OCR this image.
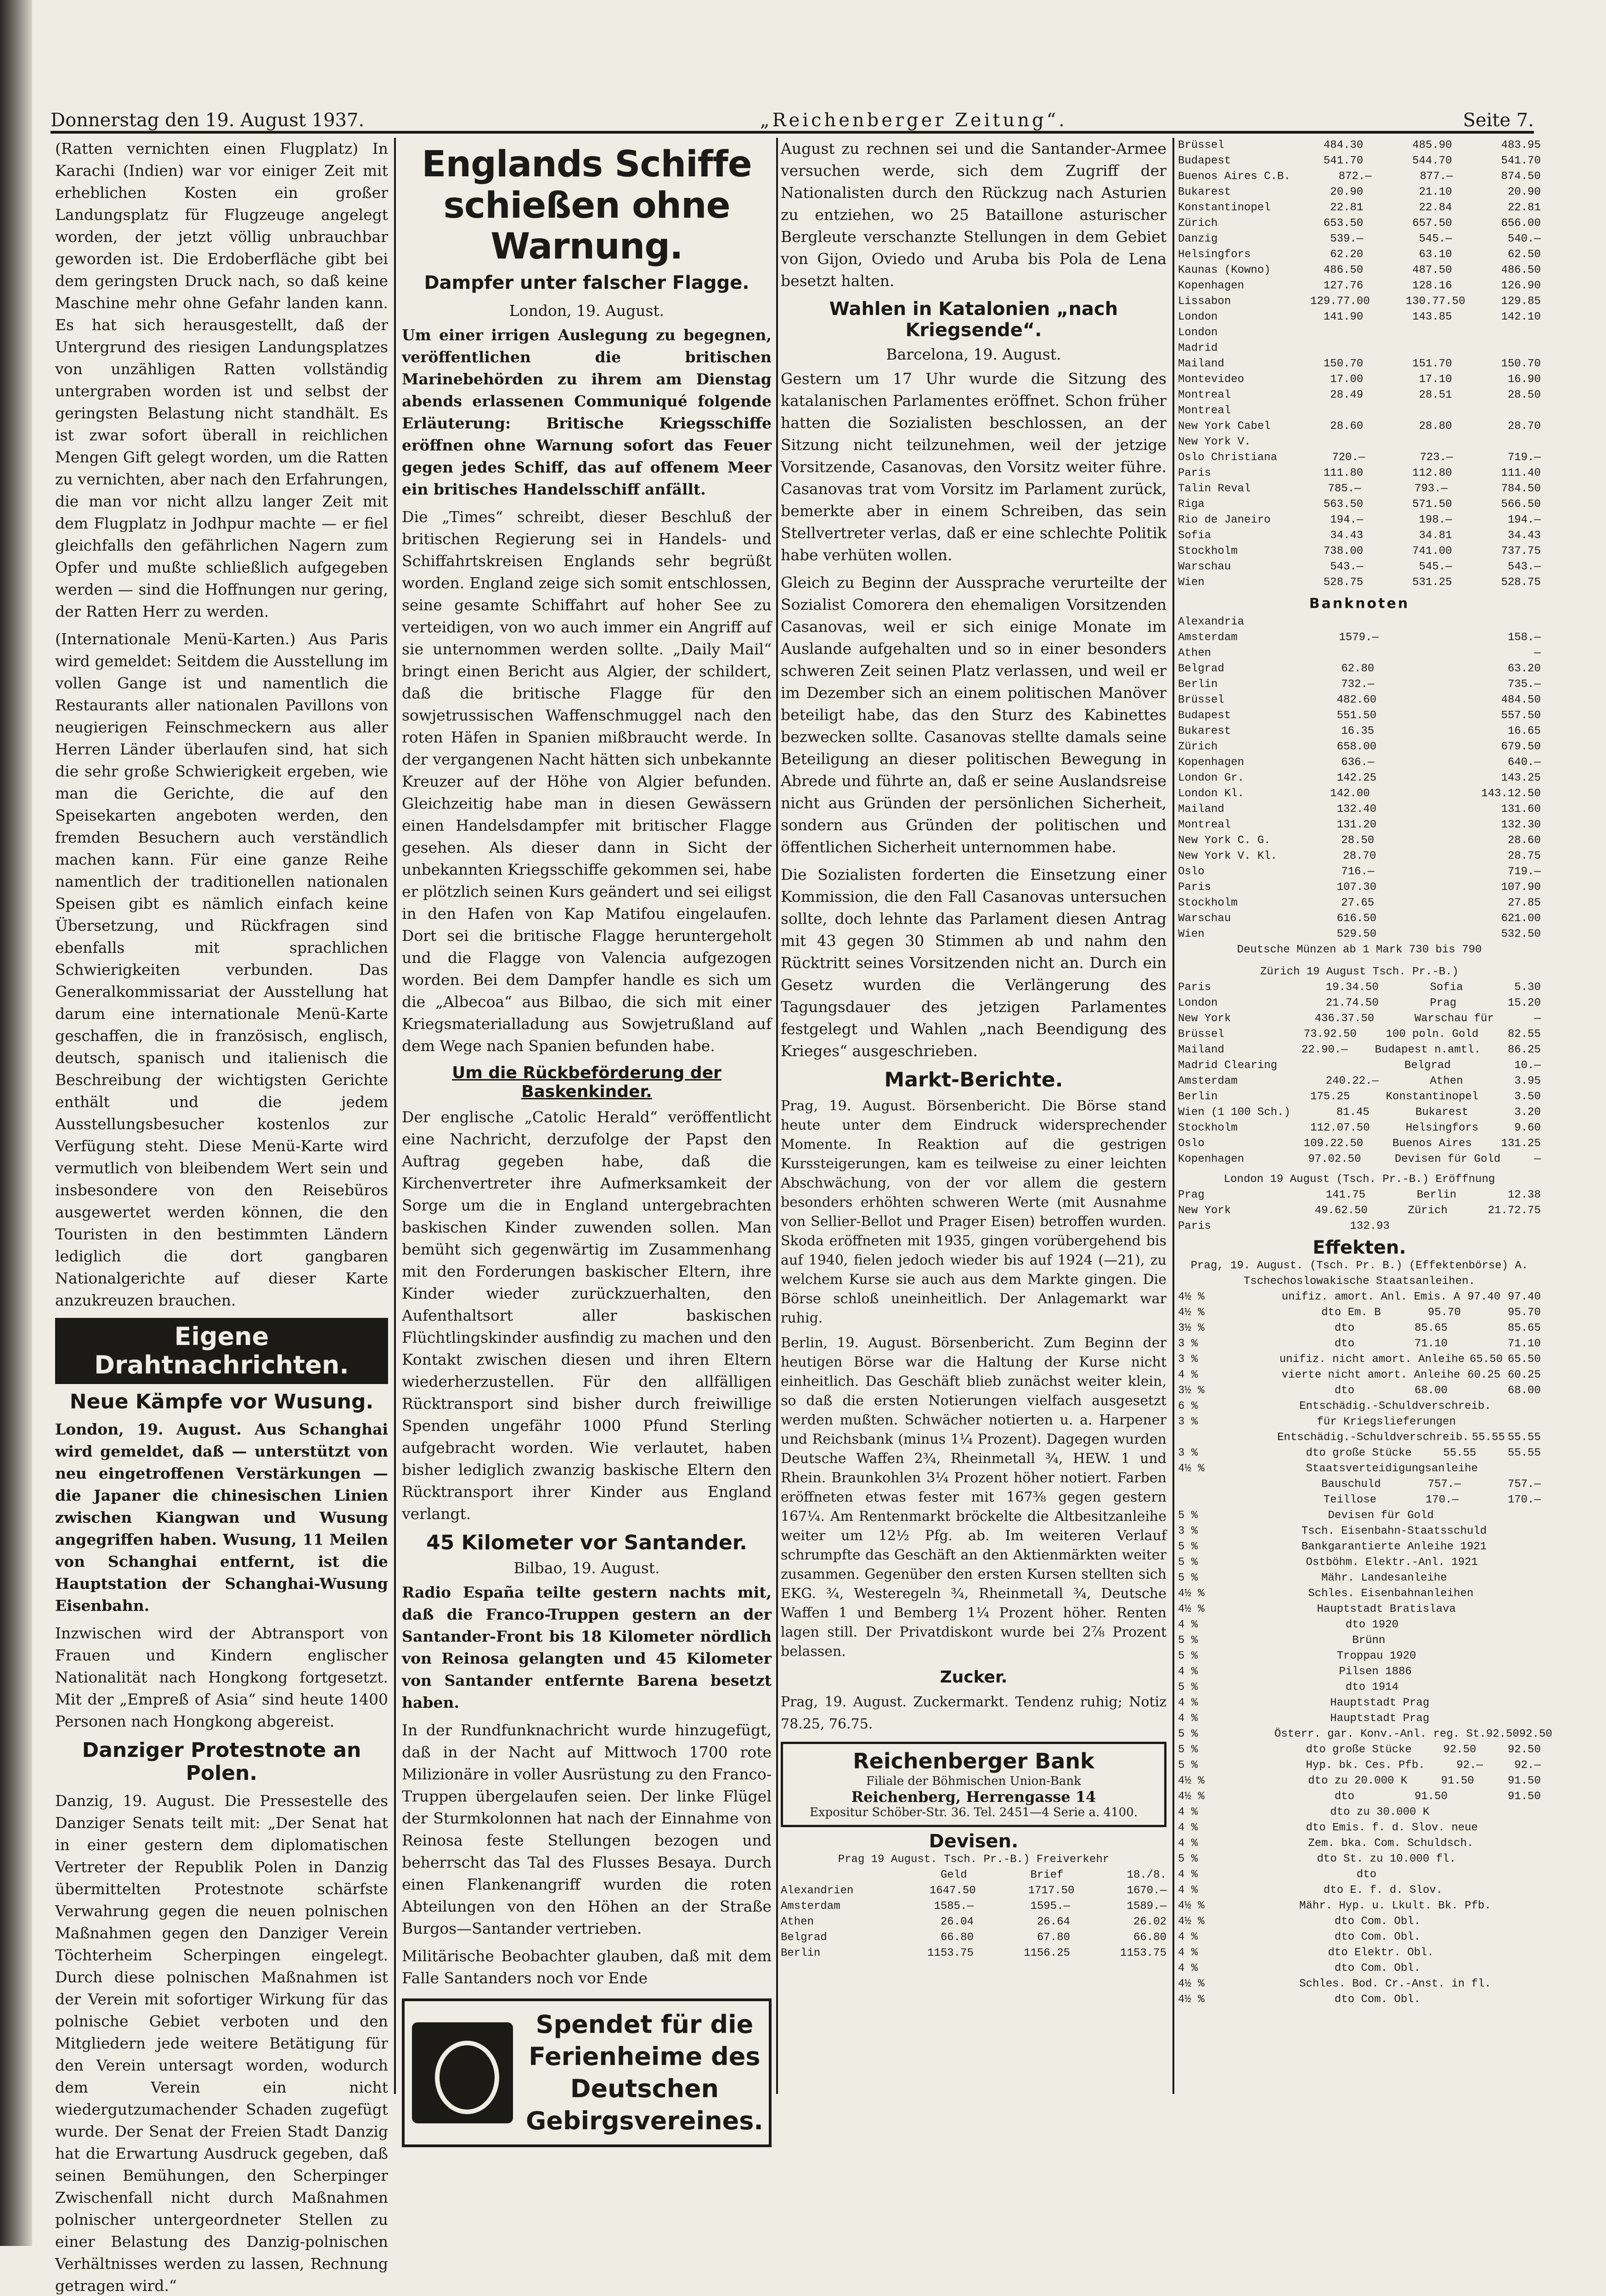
Donnerstag den 19. August 1937.	„Reichenberger Zeitung“.	Seite 7.

(Ratten vernichten einen Flugplatz) In Karachi (Indien) war vor einiger Zeit mit erheblichen Kosten ein großer Landungsplatz für Flugzeuge angelegt worden, der jetzt völlig unbrauchbar geworden ist. Die Erdoberfläche gibt bei dem geringsten Druck nach, so daß keine Maschine mehr ohne Gefahr landen kann. Es hat sich herausgestellt, daß der Untergrund des riesigen Landungsplatzes von unzähligen Ratten vollständig untergraben worden ist und selbst der geringsten Belastung nicht standhält. Es ist zwar sofort überall in reichlichen Mengen Gift gelegt worden, um die Ratten zu vernichten, aber nach den Erfahrungen, die man vor nicht allzu langer Zeit mit dem Flugplatz in Jodhpur machte — er fiel gleichfalls den gefährlichen Nagern zum Opfer und mußte schließlich aufgegeben werden — sind die Hoffnungen nur gering, der Ratten Herr zu werden.

(Internationale Menü-Karten.) Aus Paris wird gemeldet: Seitdem die Ausstellung im vollen Gange ist und namentlich die Restaurants aller nationalen Pavillons von neugierigen Feinschmeckern aus aller Herren Länder überlaufen sind, hat sich die sehr große Schwierigkeit ergeben, wie man die Gerichte, die auf den Speisekarten angeboten werden, den fremden Besuchern auch verständlich machen kann. Für eine ganze Reihe namentlich der traditionellen nationalen Speisen gibt es nämlich einfach keine Übersetzung, und Rückfragen sind ebenfalls mit sprachlichen Schwierigkeiten verbunden. Das Generalkommissariat der Ausstellung hat darum eine internationale Menü-Karte geschaffen, die in französisch, englisch, deutsch, spanisch und italienisch die Beschreibung der wichtigsten Gerichte enthält und die jedem Ausstellungsbesucher kostenlos zur Verfügung steht. Diese Menü-Karte wird vermutlich von bleibendem Wert sein und insbesondere von den Reisebüros ausgewertet werden können, die den Touristen in den bestimmten Ländern lediglich die dort gangbaren Nationalgerichte auf dieser Karte anzukreuzen brauchen.

Eigene Drahtnachrichten.
Neue Kämpfe vor Wusung.

London, 19. August. Aus Schanghai wird gemeldet, daß — unterstützt von neu eingetroffenen Verstärkungen — die Japaner die chinesischen Linien zwischen Kiangwan und Wusung angegriffen haben. Wusung, 11 Meilen von Schanghai entfernt, ist die Hauptstation der Schanghai-Wusung Eisenbahn.

Inzwischen wird der Abtransport von Frauen und Kindern englischer Nationalität nach Hongkong fortgesetzt. Mit der „Empreß of Asia“ sind heute 1400 Personen nach Hongkong abgereist.

Danziger Protestnote an Polen.

Danzig, 19. August. Die Pressestelle des Danziger Senats teilt mit: „Der Senat hat in einer gestern dem diplomatischen Vertreter der Republik Polen in Danzig übermittelten Protestnote schärfste Verwahrung gegen die neuen polnischen Maßnahmen gegen den Danziger Verein Töchterheim Scherpingen eingelegt. Durch diese polnischen Maßnahmen ist der Verein mit sofortiger Wirkung für das polnische Gebiet verboten und den Mitgliedern jede weitere Betätigung für den Verein untersagt worden, wodurch dem Verein ein nicht wiedergutzumachender Schaden zugefügt wurde. Der Senat der Freien Stadt Danzig hat die Erwartung Ausdruck gegeben, daß seinen Bemühungen, den Scherpinger Zwischenfall nicht durch Maßnahmen polnischer untergeordneter Stellen zu einer Belastung des Danzig-polnischen Verhältnisses werden zu lassen, Rechnung getragen wird.“

Englands Schiffe schießen ohne Warnung.
Dampfer unter falscher Flagge.
London, 19. August.

Um einer irrigen Auslegung zu begegnen, veröffentlichen die britischen Marinebehörden zu ihrem am Dienstag abends erlassenen Communiqué folgende Erläuterung: Britische Kriegsschiffe eröffnen ohne Warnung sofort das Feuer gegen jedes Schiff, das auf offenem Meer ein britisches Handelsschiff anfällt.

Die „Times“ schreibt, dieser Beschluß der britischen Regierung sei in Handels- und Schiffahrtskreisen Englands sehr begrüßt worden. England zeige sich somit entschlossen, seine gesamte Schiffahrt auf hoher See zu verteidigen, von wo auch immer ein Angriff auf sie unternommen werden sollte. „Daily Mail“ bringt einen Bericht aus Algier, der schildert, daß die britische Flagge für den sowjetrussischen Waffenschmuggel nach den roten Häfen in Spanien mißbraucht werde. In der vergangenen Nacht hätten sich unbekannte Kreuzer auf der Höhe von Algier befunden. Gleichzeitig habe man in diesen Gewässern einen Handelsdampfer mit britischer Flagge gesehen. Als dieser dann in Sicht der unbekannten Kriegsschiffe gekommen sei, habe er plötzlich seinen Kurs geändert und sei eiligst in den Hafen von Kap Matifou eingelaufen. Dort sei die britische Flagge heruntergeholt und die Flagge von Valencia aufgezogen worden. Bei dem Dampfer handle es sich um die „Albecoa“ aus Bilbao, die sich mit einer Kriegsmaterialladung aus Sowjetrußland auf dem Wege nach Spanien befunden habe.

Um die Rückbeförderung der Baskenkinder.

Der englische „Catolic Herald“ veröffentlicht eine Nachricht, derzufolge der Papst den Auftrag gegeben habe, daß die Kirchenvertreter ihre Aufmerksamkeit der Sorge um die in England untergebrachten baskischen Kinder zuwenden sollen. Man bemüht sich gegenwärtig im Zusammenhang mit den Forderungen baskischer Eltern, ihre Kinder wieder zurückzuerhalten, den Aufenthaltsort aller baskischen Flüchtlingskinder ausfindig zu machen und den Kontakt zwischen diesen und ihren Eltern wiederherzustellen. Für den allfälligen Rücktransport sind bisher durch freiwillige Spenden ungefähr 1000 Pfund Sterling aufgebracht worden. Wie verlautet, haben bisher lediglich zwanzig baskische Eltern den Rücktransport ihrer Kinder aus England verlangt.

45 Kilometer vor Santander.
Bilbao, 19. August.

Radio España teilte gestern nachts mit, daß die Franco-Truppen gestern an der Santander-Front bis 18 Kilometer nördlich von Reinosa gelangten und 45 Kilometer von Santander entfernte Barena besetzt haben.

In der Rundfunknachricht wurde hinzugefügt, daß in der Nacht auf Mittwoch 1700 rote Milizionäre in voller Ausrüstung zu den Franco-Truppen übergelaufen seien. Der linke Flügel der Sturmkolonnen hat nach der Einnahme von Reinosa feste Stellungen bezogen und beherrscht das Tal des Flusses Besaya. Durch einen Flankenangriff wurden die roten Abteilungen von den Höhen an der Straße Burgos—Santander vertrieben.

Militärische Beobachter glauben, daß mit dem Falle Santanders noch vor Ende

Spendet für die Ferienheime des Deutschen Gebirgsvereines.

August zu rechnen sei und die Santander-Armee versuchen werde, sich dem Zugriff der Nationalisten durch den Rückzug nach Asturien zu entziehen, wo 25 Bataillone asturischer Bergleute verschanzte Stellungen in dem Gebiet von Gijon, Oviedo und Aruba bis Pola de Lena besetzt halten.

Wahlen in Katalonien „nach Kriegsende“.
Barcelona, 19. August.

Gestern um 17 Uhr wurde die Sitzung des katalanischen Parlamentes eröffnet. Schon früher hatten die Sozialisten beschlossen, an der Sitzung nicht teilzunehmen, weil der jetzige Vorsitzende, Casanovas, den Vorsitz weiter führe. Casanovas trat vom Vorsitz im Parlament zurück, bemerkte aber in einem Schreiben, das sein Stellvertreter verlas, daß er eine schlechte Politik habe verhüten wollen.

Gleich zu Beginn der Aussprache verurteilte der Sozialist Comorera den ehemaligen Vorsitzenden Casanovas, weil er sich einige Monate im Auslande aufgehalten und so in einer besonders schweren Zeit seinen Platz verlassen, und weil er im Dezember sich an einem politischen Manöver beteiligt habe, das den Sturz des Kabinettes bezwecken sollte. Casanovas stellte damals seine Beteiligung an dieser politischen Bewegung in Abrede und führte an, daß er seine Auslandsreise nicht aus Gründen der persönlichen Sicherheit, sondern aus Gründen der politischen und öffentlichen Sicherheit unternommen habe.

Die Sozialisten forderten die Einsetzung einer Kommission, die den Fall Casanovas untersuchen sollte, doch lehnte das Parlament diesen Antrag mit 43 gegen 30 Stimmen ab und nahm den Rücktritt seines Vorsitzenden nicht an. Durch ein Gesetz wurden die Verlängerung des Tagungsdauer des jetzigen Parlamentes festgelegt und Wahlen „nach Beendigung des Krieges“ ausgeschrieben.

Markt-Berichte.

Prag, 19. August. Börsenbericht. Die Börse stand heute unter dem Eindruck widersprechender Momente. In Reaktion auf die gestrigen Kurssteigerungen, kam es teilweise zu einer leichten Abschwächung, von der vor allem die gestern besonders erhöhten schweren Werte (mit Ausnahme von Sellier-Bellot und Prager Eisen) betroffen wurden. Skoda eröffneten mit 1935, gingen vorübergehend bis auf 1940, fielen jedoch wieder bis auf 1924 (—21), zu welchem Kurse sie auch aus dem Markte gingen. Die Börse schloß uneinheitlich. Der Anlagemarkt war ruhig.

Berlin, 19. August. Börsenbericht. Zum Beginn der heutigen Börse war die Haltung der Kurse nicht einheitlich. Das Geschäft blieb zunächst weiter klein, so daß die ersten Notierungen vielfach ausgesetzt werden mußten. Schwächer notierten u. a. Harpener und Reichsbank (minus 1¼ Prozent). Dagegen wurden Deutsche Waffen 2¾, Rheinmetall ¾, HEW. 1 und Rhein. Braunkohlen 3¼ Prozent höher notiert. Farben eröffneten etwas fester mit 167⅜ gegen gestern 167¼. Am Rentenmarkt bröckelte die Altbesitzanleihe weiter um 12½ Pfg. ab. Im weiteren Verlauf schrumpfte das Geschäft an den Aktienmärkten weiter zusammen. Gegenüber den ersten Kursen stellten sich EKG. ¾, Westeregeln ¾, Rheinmetall ¾, Deutsche Waffen 1 und Bemberg 1¼ Prozent höher. Renten lagen still. Der Privatdiskont wurde bei 2⅞ Prozent belassen.

Zucker.

Prag, 19. August. Zuckermarkt. Tendenz ruhig; Notiz 78.25, 76.75.

Reichenberger Bank
Filiale der Böhmischen Union-Bank
Reichenberg, Herrengasse 14
Expositur Schöber-Str. 36. Tel. 2451—4 Serie a. 4100.
Devisen.
Prag 19 August. Tsch. Pr.-B.) Freiverkehr
Geld	Brief	18./8.
Alexandrien	1647.50	1717.50	1670.—
Amsterdam	1585.—	1595.—	1589.—
Athen	26.04	26.64	26.02
Belgrad	66.80	67.80	66.80
Berlin	1153.75	1156.25	1153.75
Brüssel	484.30	485.90	483.95
Budapest	541.70	544.70	541.70
Buenos Aires C.B.	872.—	877.—	874.50
Bukarest	20.90	21.10	20.90
Konstantinopel	22.81	22.84	22.81
Zürich	653.50	657.50	656.00
Danzig	539.—	545.—	540.—
Helsingfors	62.20	63.10	62.50
Kaunas (Kowno)	486.50	487.50	486.50
Kopenhagen	127.76	128.16	126.90
Lissabon	129.77.00	130.77.50	129.85
London	141.90	143.85	142.10
London
Madrid
Mailand	150.70	151.70	150.70
Montevideo	17.00	17.10	16.90
Montreal	28.49	28.51	28.50
Montreal
New York Cabel	28.60	28.80	28.70
New York V.
Oslo Christiana	720.—	723.—	719.—
Paris	111.80	112.80	111.40
Talin Reval	785.—	793.—	784.50
Riga	563.50	571.50	566.50
Rio de Janeiro	194.—	198.—	194.—
Sofia	34.43	34.81	34.43
Stockholm	738.00	741.00	737.75
Warschau	543.—	545.—	543.—
Wien	528.75	531.25	528.75
Banknoten
Alexandria
Amsterdam	1579.—	158.—
Athen	—
Belgrad	62.80	63.20
Berlin	732.—	735.—
Brüssel	482.60	484.50
Budapest	551.50	557.50
Bukarest	16.35	16.65
Zürich	658.00	679.50
Kopenhagen	636.—	640.—
London Gr.	142.25	143.25
London Kl.	142.00	143.12.50
Mailand	132.40	131.60
Montreal	131.20	132.30
New York C. G.	28.50	28.60
New York V. Kl.	28.70	28.75
Oslo	716.—	719.—
Paris	107.30	107.90
Stockholm	27.65	27.85
Warschau	616.50	621.00
Wien	529.50	532.50
Deutsche Münzen ab 1 Mark 730 bis 790
Zürich 19 August Tsch. Pr.-B.)
Paris	19.34.50	Sofia	5.30
London	21.74.50	Prag	15.20
New York	436.37.50	Warschau für	—
Brüssel	73.92.50	100 poln. Gold	82.55
Mailand	22.90.— Budapest n.amtl. 86.25
Madrid Clearing	Belgrad	10.—
Amsterdam	240.22.—	Athen	3.95
Berlin	175.25	Konstantinopel	3.50
Wien (1 100 Sch.)	81.45	Bukarest	3.20
Stockholm	112.07.50	Helsingfors	9.60
Oslo	109.22.50	Buenos Aires	131.25
Kopenhagen	97.02.50	Devisen für Gold	—
London 19 August (Tsch. Pr.-B.) Eröffnung
Prag	141.75	Berlin	12.38
New York	49.62.50	Zürich	21.72.75
Paris	132.93
Effekten.
Prag, 19. August. (Tsch. Pr. B.) (Effektenbörse) A. Tschechoslowakische Staatsanleihen.
4½ %	unifiz. amort. Anl. Emis. A 97.40 97.40
4½ %	dto Em. B	95.70	95.70
3½ %	dto	85.65	85.65
3 %	dto	71.10	71.10
3 %	unifiz. nicht amort. Anleihe 65.50 65.50
4 %	vierte nicht amort. Anleihe 60.25 60.25
3½ %	dto	68.00	68.00
6 %	Entschädig.-Schuldverschreib.
3 %	für Kriegslieferungen
Entschädig.-Schuldverschreib. 55.55 55.55
3 %	dto große Stücke	55.55	55.55
4½ %	Staatsverteidigungsanleihe
Bauschuld	757.—	757.—
Teillose	170.—	170.—
5 %	Devisen für Gold
3 %	Tsch. Eisenbahn-Staatsschuld
5 %	Bankgarantierte Anleihe 1921
5 %	Ostböhm. Elektr.-Anl. 1921
5 %	Mähr. Landesanleihe
4½ %	Schles. Eisenbahnanleihen
4½ %	Hauptstadt Bratislava
4 %	dto 1920
5 %	Brünn
5 %	Troppau 1920
4 %	Pilsen 1886
5 %	dto 1914
4 %	Hauptstadt Prag
4 %	Hauptstadt Prag
5 %	Österr. gar. Konv.-Anl. reg. St. 92.50 92.50
5 %	dto große Stücke	92.50	92.50
5 %	Hyp. bk. Ces. Pfb.	92.—	92.—
4½ %	dto zu 20.000 K	91.50	91.50
4½ %	dto	91.50	91.50
4 %	dto zu 30.000 K
4 %	dto Emis. f. d. Slov. neue
4 %	Zem. bka. Com. Schuldsch.
5 %	dto St. zu 10.000 fl.
4 %	dto
4 %	dto E. f. d. Slov.
4½ %	Mähr. Hyp. u. Lkult. Bk. Pfb.
4½ %	dto Com. Obl.
4 %	dto Com. Obl.
4 %	dto Elektr. Obl.
4 %	dto Com. Obl.
4½ %	Schles. Bod. Cr.-Anst. in fl.
4½ %	dto Com. Obl.
